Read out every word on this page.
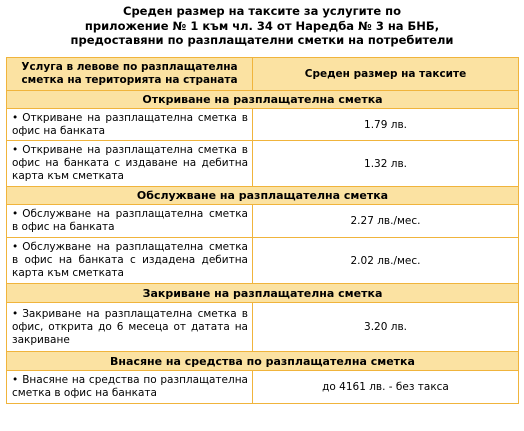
Среден размер на таксите за услугите по
приложение № 1 към чл. 34 от Наредба № 3 на БНБ,
предоставяни по разплащателни сметки на потребители
Услуга в левове по разплащателна
сметка на територията на страната	Среден размер на таксите
Откриване на разплащателна сметка	
• Откриване на разплащателна сметка в офис на банката	1.79 лв.
• Откриване на разплащателна сметка в офис на банката с издаване на дебитна карта към сметката	1.32 лв.
Обслужване на разплащателна сметка	
• Обслужване на разплащателна сметка в офис на банката	2.27 лв./мес.
• Обслужване на разплащателна сметка в офис на банката с издадена дебитна карта към сметката	2.02 лв./мес.
Закриване на разплащателна сметка	
• Закриване на разплащателна сметка в офис, открита до 6 месеца от датата на закриване	3.20 лв.
Внасяне на средства по разплащателна сметка	
• Внасяне на средства по разплащателна сметка в офис на банката	до 4161 лв. - без такса
